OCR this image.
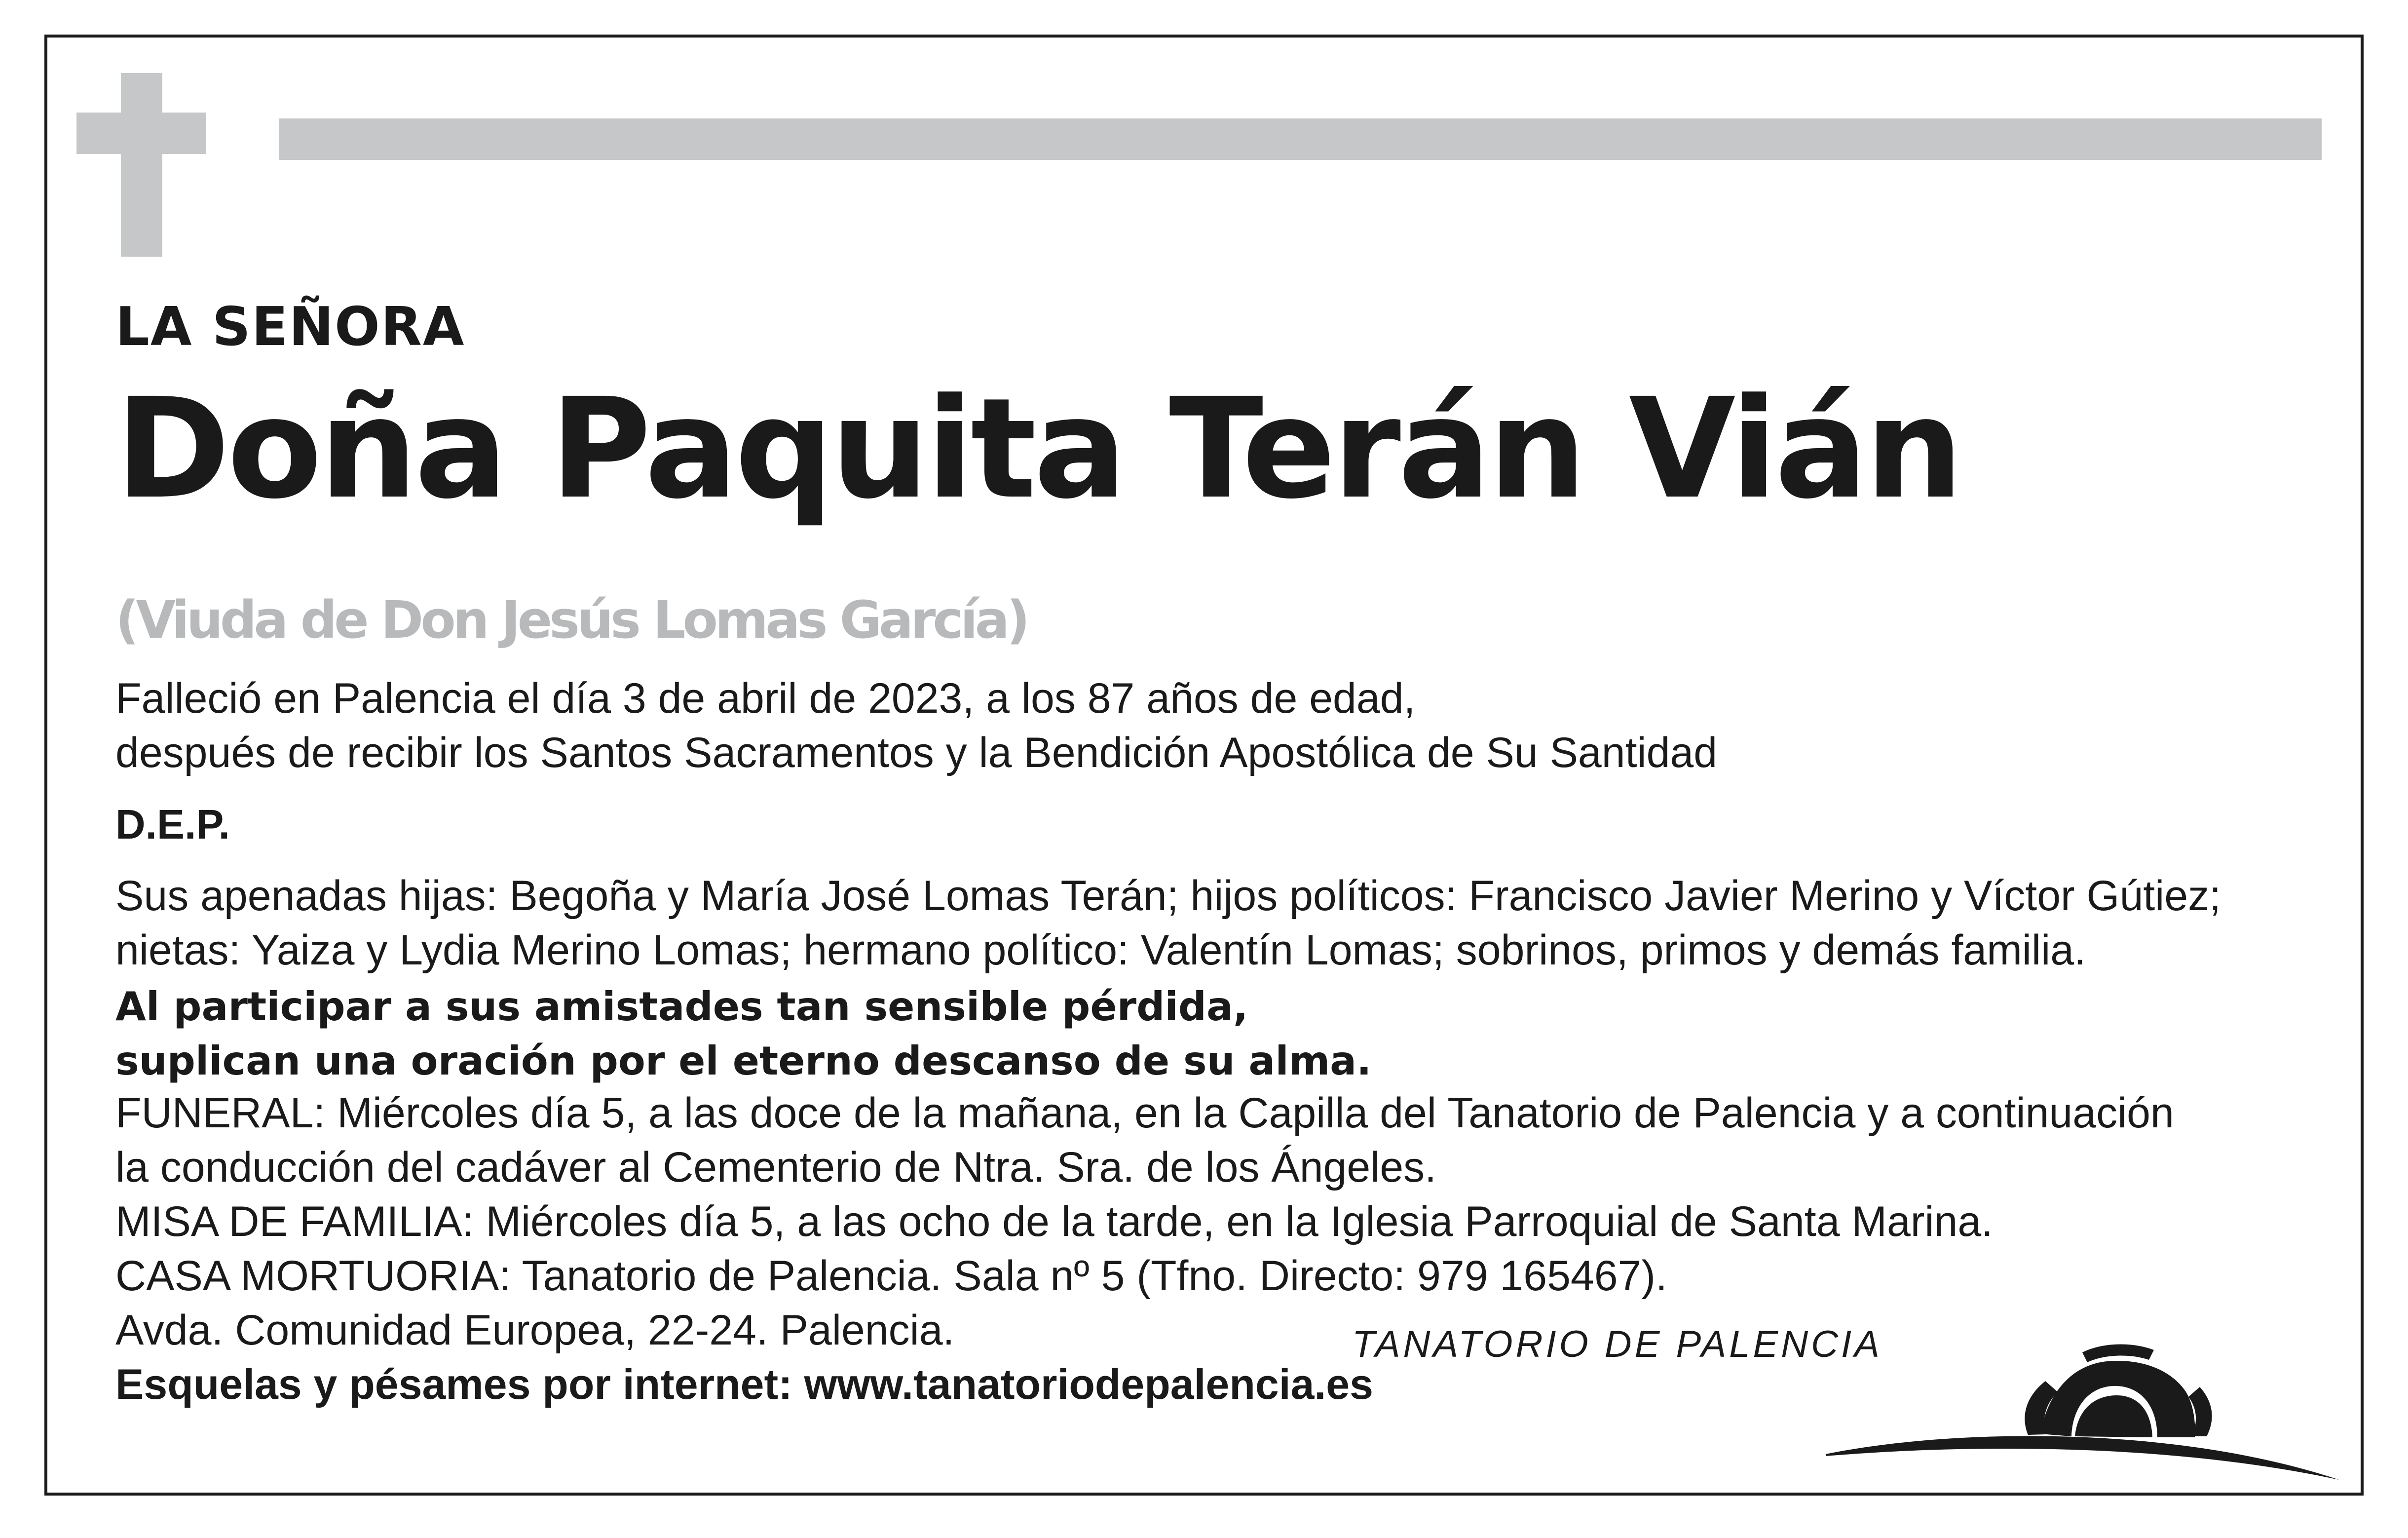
LA SEÑORA

Doña Paquita Terán Vián

(Viuda de Don Jesús Lomas García)

Falleció en Palencia el día 3 de abril de 2023, a los 87 años de edad,
después de recibir los Santos Sacramentos y la Bendición Apostólica de Su Santidad

D.E.P.

Sus apenadas hijas: Begoña y María José Lomas Terán; hijos políticos: Francisco Javier Merino y Víctor Gútiez;
nietas: Yaiza y Lydia Merino Lomas; hermano político: Valentín Lomas; sobrinos, primos y demás familia.
Al participar a sus amistades tan sensible pérdida,
suplican una oración por el eterno descanso de su alma.
FUNERAL: Miércoles día 5, a las doce de la mañana, en la Capilla del Tanatorio de Palencia y a continuación
la conducción del cadáver al Cementerio de Ntra. Sra. de los Ángeles.
MISA DE FAMILIA: Miércoles día 5, a las ocho de la tarde, en la Iglesia Parroquial de Santa Marina.
CASA MORTUORIA: Tanatorio de Palencia. Sala nº 5 (Tfno. Directo: 979 165467).
Avda. Comunidad Europea, 22-24. Palencia.
Esquelas y pésames por internet: www.tanatoriodepalencia.es
TANATORIO DE PALENCIA
